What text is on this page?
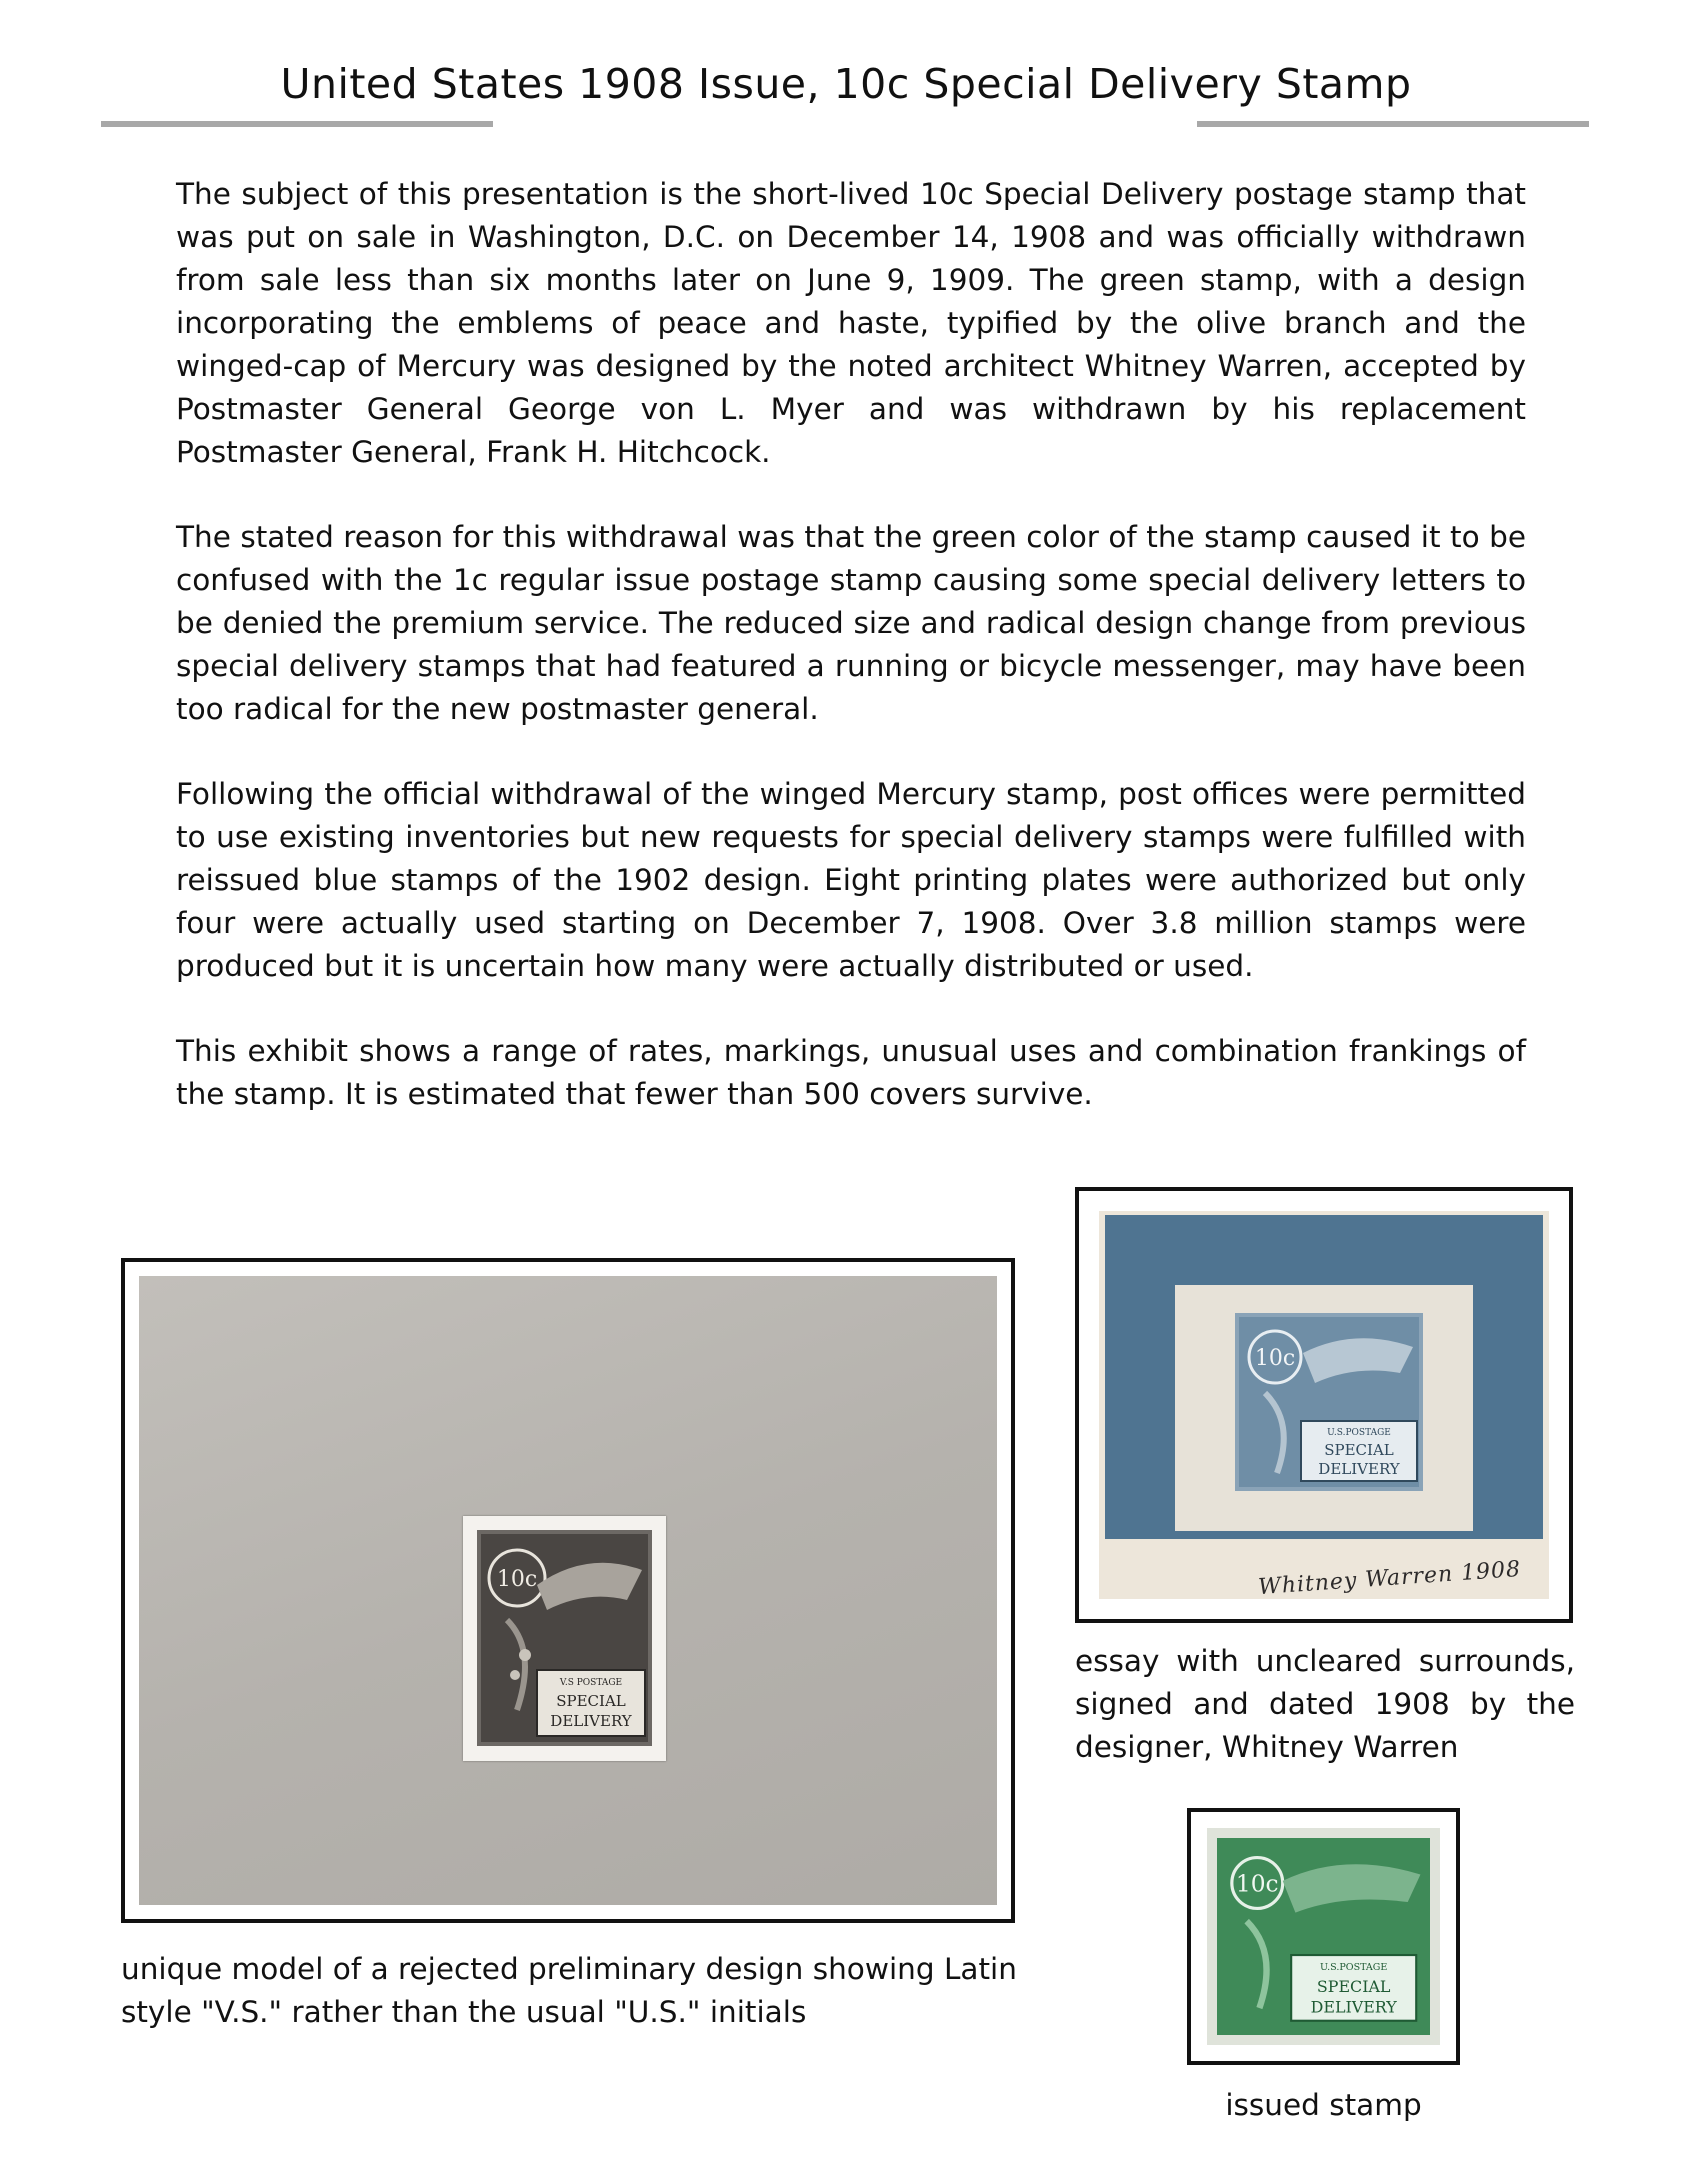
United States 1908 Issue, 10c Special Delivery Stamp

The subject of this presentation is the short-lived 10c Special Delivery postage stamp that was put on sale in Washington, D.C. on December 14, 1908 and was officially withdrawn from sale less than six months later on June 9, 1909. The green stamp, with a design incorporating the emblems of peace and haste, typified by the olive branch and the winged-cap of Mercury was designed by the noted architect Whitney Warren, accepted by Postmaster General George von L. Myer and was withdrawn by his replacement Postmaster General, Frank H. Hitchcock.

The stated reason for this withdrawal was that the green color of the stamp caused it to be confused with the 1c regular issue postage stamp causing some special delivery letters to be denied the premium service. The reduced size and radical design change from previous special delivery stamps that had featured a running or bicycle messenger, may have been too radical for the new postmaster general.

Following the official withdrawal of the winged Mercury stamp, post offices were permitted to use existing inventories but new requests for special delivery stamps were fulfilled with reissued blue stamps of the 1902 design. Eight printing plates were authorized but only four were actually used starting on December 7, 1908. Over 3.8 million stamps were produced but it is uncertain how many were actually distributed or used.

This exhibit shows a range of rates, markings, unusual uses and combination frankings of the stamp. It is estimated that fewer than 500 covers survive.

10c
V.S POSTAGE
SPECIAL
DELIVERY
10c
U.S.POSTAGE
SPECIAL
DELIVERY
Whitney Warren 1908
10c
U.S.POSTAGE
SPECIAL
DELIVERY

unique model of a rejected preliminary design showing Latin style "V.S." rather than the usual "U.S." initials

essay with uncleared surrounds, signed and dated 1908 by the designer, Whitney Warren

issued stamp
